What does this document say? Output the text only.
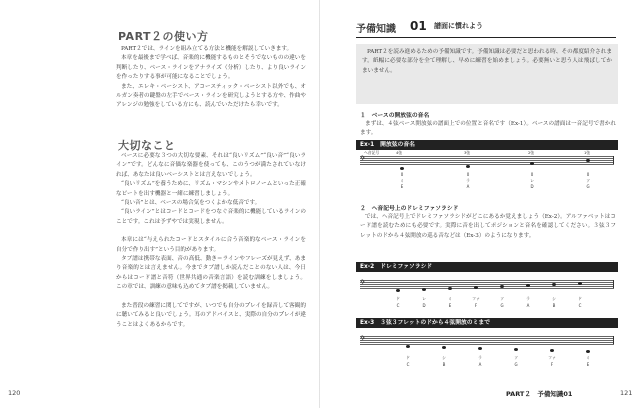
PART２の使い方

PART２では、ラインを組み立てる方法と機能を解説していきます。

本章を最後まで学べば、音楽的に機能するものとそうでないものの違いを判断したり、ベース・ラインをアナライズ（分析）したり、より良いラインを作ったりする事が可能になることでしょう。

また、エレキ・ベーシスト、アコースティック・ベーシスト以外でも、オルガン奏者の鍵盤の左手でベース・ラインを研究しようとする方や、作曲やアレンジの勉強をしている方にも、読んでいただけたら幸いです。

大切なこと

ベースに必要な３つの大切な要素、それは“良いリズム”“良い音”“良いライン”です。どんなに音価な楽器を使っても、このうつが満たされていなければ、あなたは良いベーシストとは言えないでしょう。

“良いリズム”を養うために、リズム・マシンやメトロノームといった正確なビートを出す機器と一緒に練習しましょう。

“良い音”とは、ベースの場合気をつくよかな低音です。

“良いライン”とはコードとコードをつなぐ音楽的に機能しているラインのことです。これは予ずやでは実現しません。

本章には“与えられたコードとスタイルに合う音楽的なベース・ラインを自分で作り出す”という目的があります。

タブ譜は携帯な表面、音の高低、動き＝ラインやフレーズが見えず、あまり音楽的とは言えません。今までタブ譜しか読んだことのない人は、今日からはコード譜と音符（世界共通の音楽言語）を読む訓練をしましょう。この章では、訓練の意味も込めてタブ譜を掲載していません。

また普段の練習に関してですが、いつでも自分のプレイを録音して客観的に聴いてみると良いでしょう。耳のアドバイスと、実際の自分のプレイが違うことはよくあるからです。

120
予備知識 01 譜面に慣れよう

PART２を読み進めるための予備知識です。予備知識は必要だと思われる時、その都度紹介されます。紙幅に必要な部分を全て理解し、早めに練習を始めましょう。必要無いと思う人は飛ばしてかまいません。

１　ベースの開放弦の音名

まずは、４弦ベース開放弦の譜面上での位置と音名です（Ex-1）。ベースの譜面は一音記号で書かれます。

Ex-1 開放弦の音名
ヘ音記号
𝄢
4弦	3弦	2弦	1弦
0	0	0	0
ミ	ラ	レ	ソ
E	A	D	G
２　ヘ音記号上のドレミファソラシド

では、ヘ音記号上でドレミファソラシドがどこにあるか覚えましょう（Ex-2）。アルファベットはコード譜を読むためにも必要です。実際に音を出してポジションと音名を確認してください。３弦３フレットのドから４弦開放の巡る音などは（Ex-3）のようになります。

Ex-2 ドレミファソラシド
𝄢
ド	レ	ミ	ファ	ソ	ラ	シ	ド
C	D	E	F	G	A	B	C
Ex-3 ３弦３フレットのドから４弦開放のミまで
𝄢
ド	シ	ラ	ソ	ファ	ミ
C	B	A	G	F	E
PART２　予備知識01	121
